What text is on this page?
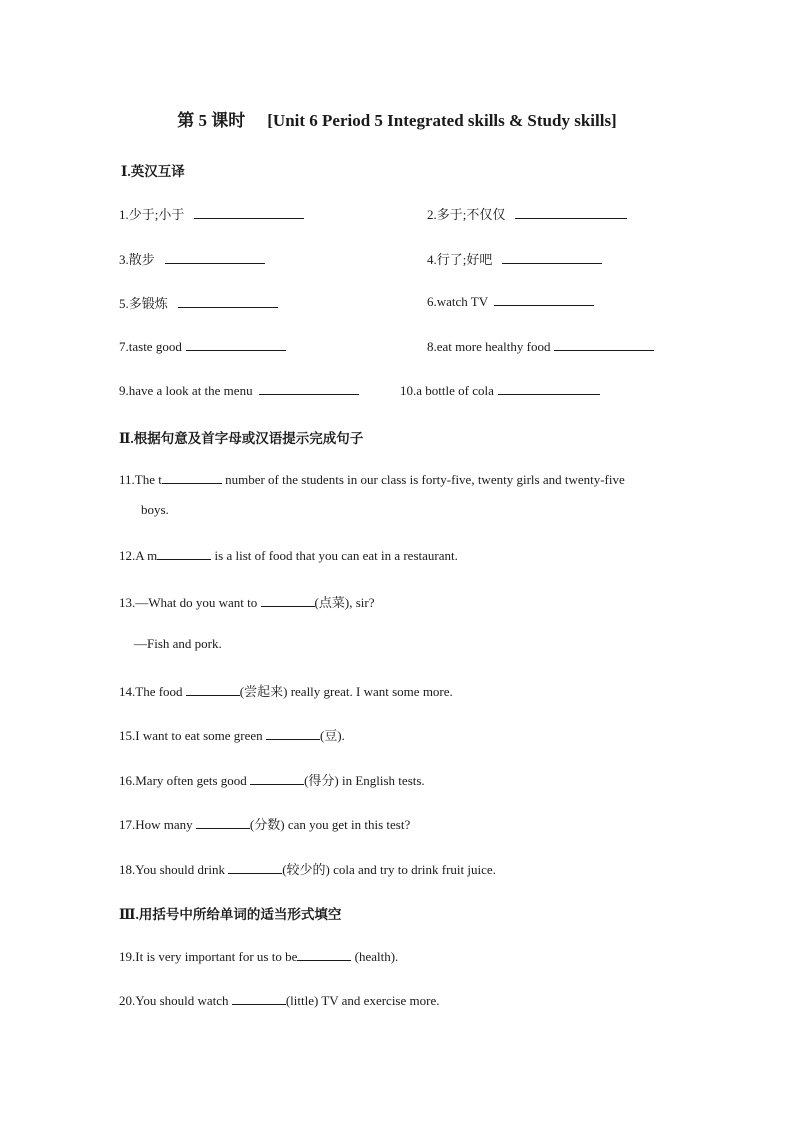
第 5 课时 [Unit 6 Period 5 Integrated skills & Study skills]
Ⅰ.英汉互译
1.少于;小于	2.多于;不仅仅
3.散步	4.行了;好吧
5.多锻炼	6.watch TV
7.taste good	8.eat more healthy food
9.have a look at the menu	10.a bottle of cola
Ⅱ.根据句意及首字母或汉语提示完成句子
11.The t	number of the students in our class is forty-five, twenty girls and twenty-five
boys.
12.A m	is a list of food that you can eat in a restaurant.
13.—What do you want to	(点菜), sir?
—Fish and pork.
14.The food	(尝起来) really great. I want some more.
15.I want to eat some green	(豆).
16.Mary often gets good	(得分) in English tests.
17.How many	(分数) can you get in this test?
18.You should drink	(较少的) cola and try to drink fruit juice.
Ⅲ.用括号中所给单词的适当形式填空
19.It is very important for us to be	(health).
20.You should watch	(little) TV and exercise more.
